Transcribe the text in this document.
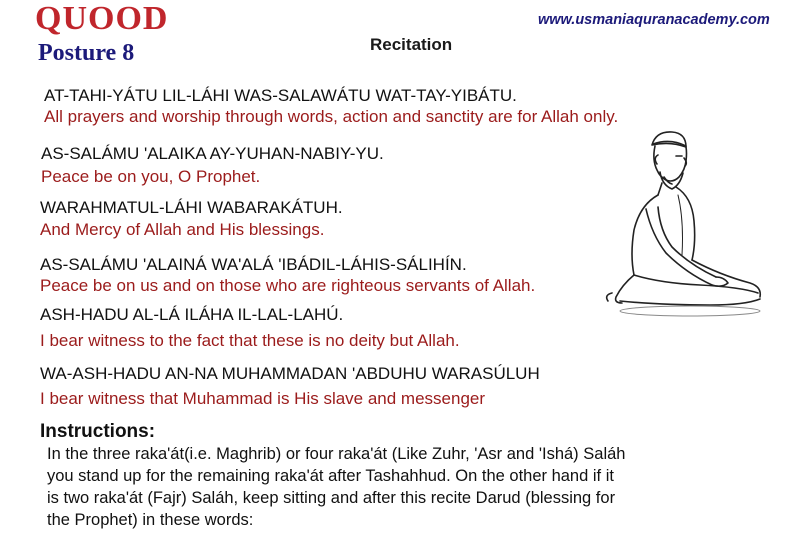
QUOOD
Posture 8	Recitation
www.usmaniaquranacademy.com
AT-TAHI-YÁTU LIL-LÁHI WAS-SALAWÁTU WAT-TAY-YIBÁTU.
All prayers and worship through words, action and sanctity are for Allah only.
AS-SALÁMU 'ALAIKA AY-YUHAN-NABIY-YU.
Peace be on you, O Prophet.
WARAHMATUL-LÁHI WABARAKÁTUH.
And Mercy of Allah and His blessings.
AS-SALÁMU 'ALAINÁ WA'ALÁ 'IBÁDIL-LÁHIS-SÁLIHÍN.
Peace be on us and on those who are righteous servants of Allah.
ASH-HADU AL-LÁ ILÁHA IL-LAL-LAHÚ.
I bear witness to the fact that these is no deity but Allah.
WA-ASH-HADU AN-NA MUHAMMADAN 'ABDUHU WARASÚLUH
I bear witness that Muhammad is His slave and messenger
Instructions:
In the three raka'át(i.e. Maghrib) or four raka'át (Like Zuhr, 'Asr and 'Ishá) Saláh
you stand up for the remaining raka'át after Tashahhud. On the other hand if it
is two raka'át (Fajr) Saláh, keep sitting and after this recite Darud (blessing for
the Prophet) in these words:
